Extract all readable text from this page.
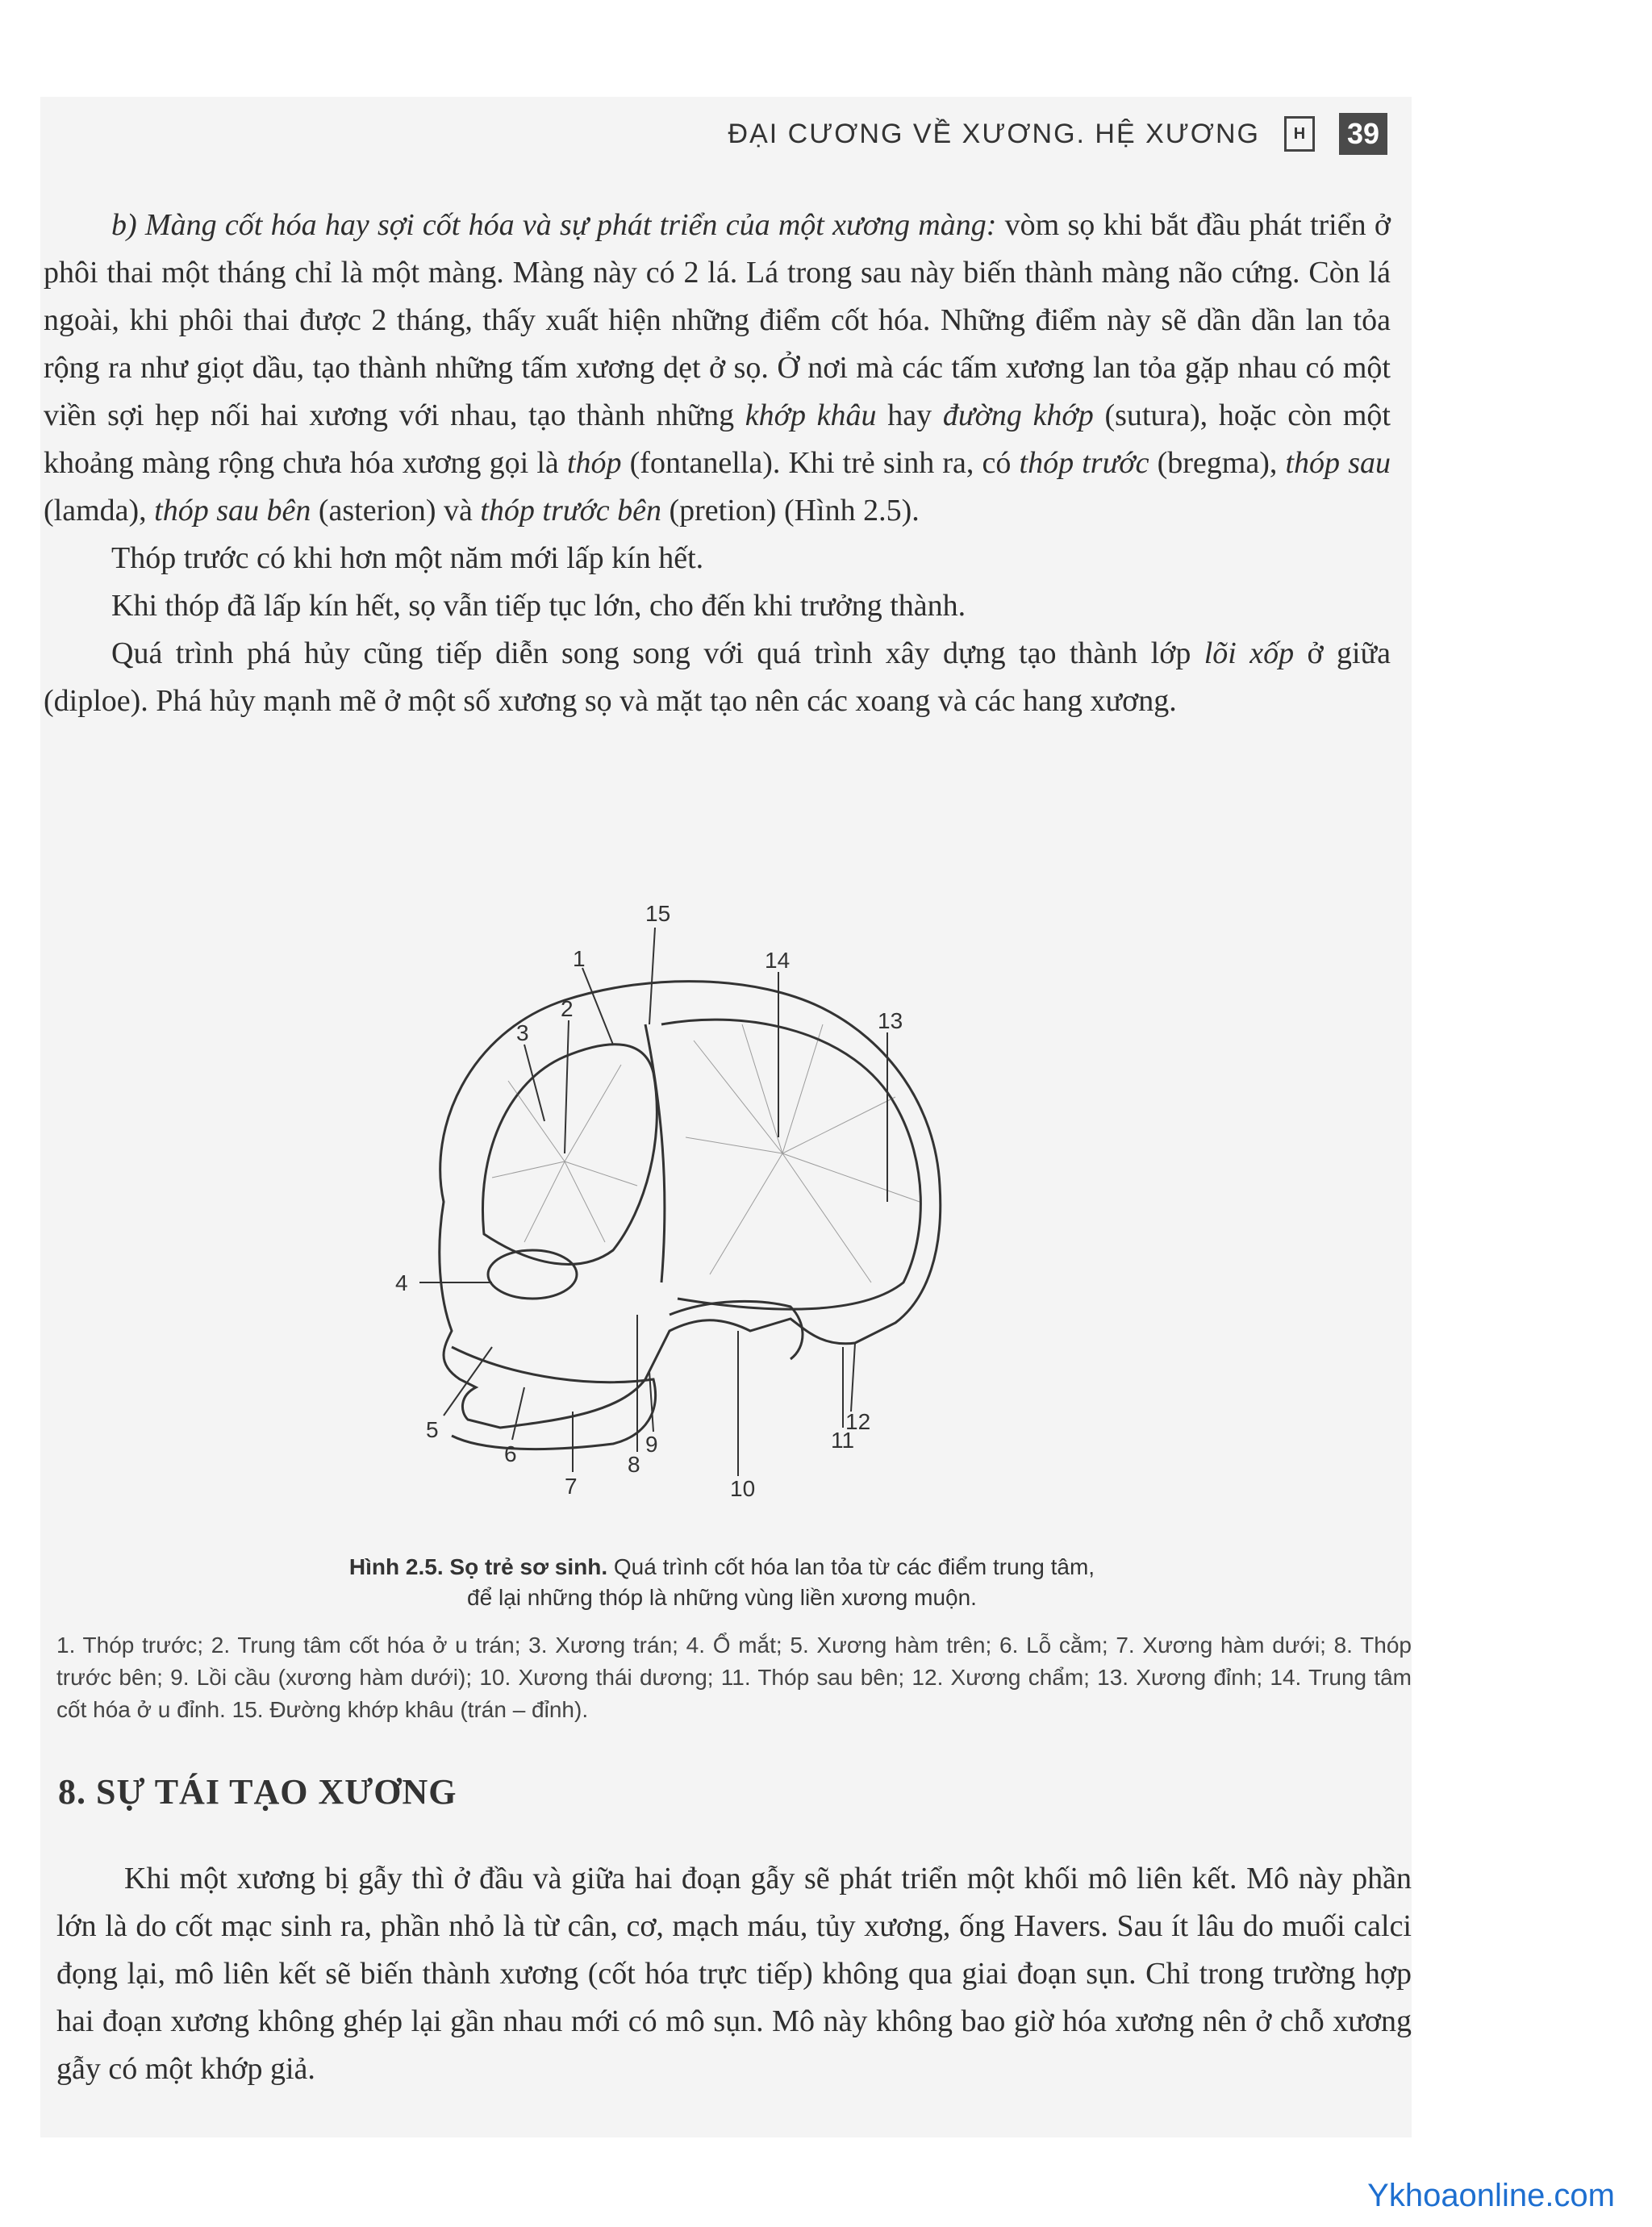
ĐẠI CƯƠNG VỀ XƯƠNG. HỆ XƯƠNG	H	39

b) Màng cốt hóa hay sợi cốt hóa và sự phát triển của một xương màng: vòm sọ khi bắt đầu phát triển ở phôi thai một tháng chỉ là một màng. Màng này có 2 lá. Lá trong sau này biến thành màng não cứng. Còn lá ngoài, khi phôi thai được 2 tháng, thấy xuất hiện những điểm cốt hóa. Những điểm này sẽ dần dần lan tỏa rộng ra như giọt dầu, tạo thành những tấm xương dẹt ở sọ. Ở nơi mà các tấm xương lan tỏa gặp nhau có một viền sợi hẹp nối hai xương với nhau, tạo thành những khớp khâu hay đường khớp (sutura), hoặc còn một khoảng màng rộng chưa hóa xương gọi là thóp (fontanella). Khi trẻ sinh ra, có thóp trước (bregma), thóp sau (lamda), thóp sau bên (asterion) và thóp trước bên (pretion) (Hình 2.5).

Thóp trước có khi hơn một năm mới lấp kín hết.

Khi thóp đã lấp kín hết, sọ vẫn tiếp tục lớn, cho đến khi trưởng thành.

Quá trình phá hủy cũng tiếp diễn song song với quá trình xây dựng tạo thành lớp lõi xốp ở giữa (diploe). Phá hủy mạnh mẽ ở một số xương sọ và mặt tạo nên các xoang và các hang xương.

1
2
3
4
5
6
7
8
9
10
11
12
13
14
15
Hình 2.5. Sọ trẻ sơ sinh. Quá trình cốt hóa lan tỏa từ các điểm trung tâm,
để lại những thóp là những vùng liền xương muộn.
1. Thóp trước; 2. Trung tâm cốt hóa ở u trán; 3. Xương trán; 4. Ổ mắt; 5. Xương hàm trên; 6. Lỗ cằm; 7. Xương hàm dưới; 8. Thóp trước bên; 9. Lồi cầu (xương hàm dưới); 10. Xương thái dương; 11. Thóp sau bên; 12. Xương chẩm; 13. Xương đỉnh; 14. Trung tâm cốt hóa ở u đỉnh. 15. Đường khớp khâu (trán – đỉnh).
8. SỰ TÁI TẠO XƯƠNG

Khi một xương bị gẫy thì ở đầu và giữa hai đoạn gẫy sẽ phát triển một khối mô liên kết. Mô này phần lớn là do cốt mạc sinh ra, phần nhỏ là từ cân, cơ, mạch máu, tủy xương, ống Havers. Sau ít lâu do muối calci đọng lại, mô liên kết sẽ biến thành xương (cốt hóa trực tiếp) không qua giai đoạn sụn. Chỉ trong trường hợp hai đoạn xương không ghép lại gần nhau mới có mô sụn. Mô này không bao giờ hóa xương nên ở chỗ xương gẫy có một khớp giả.

Ykhoaonline.com
